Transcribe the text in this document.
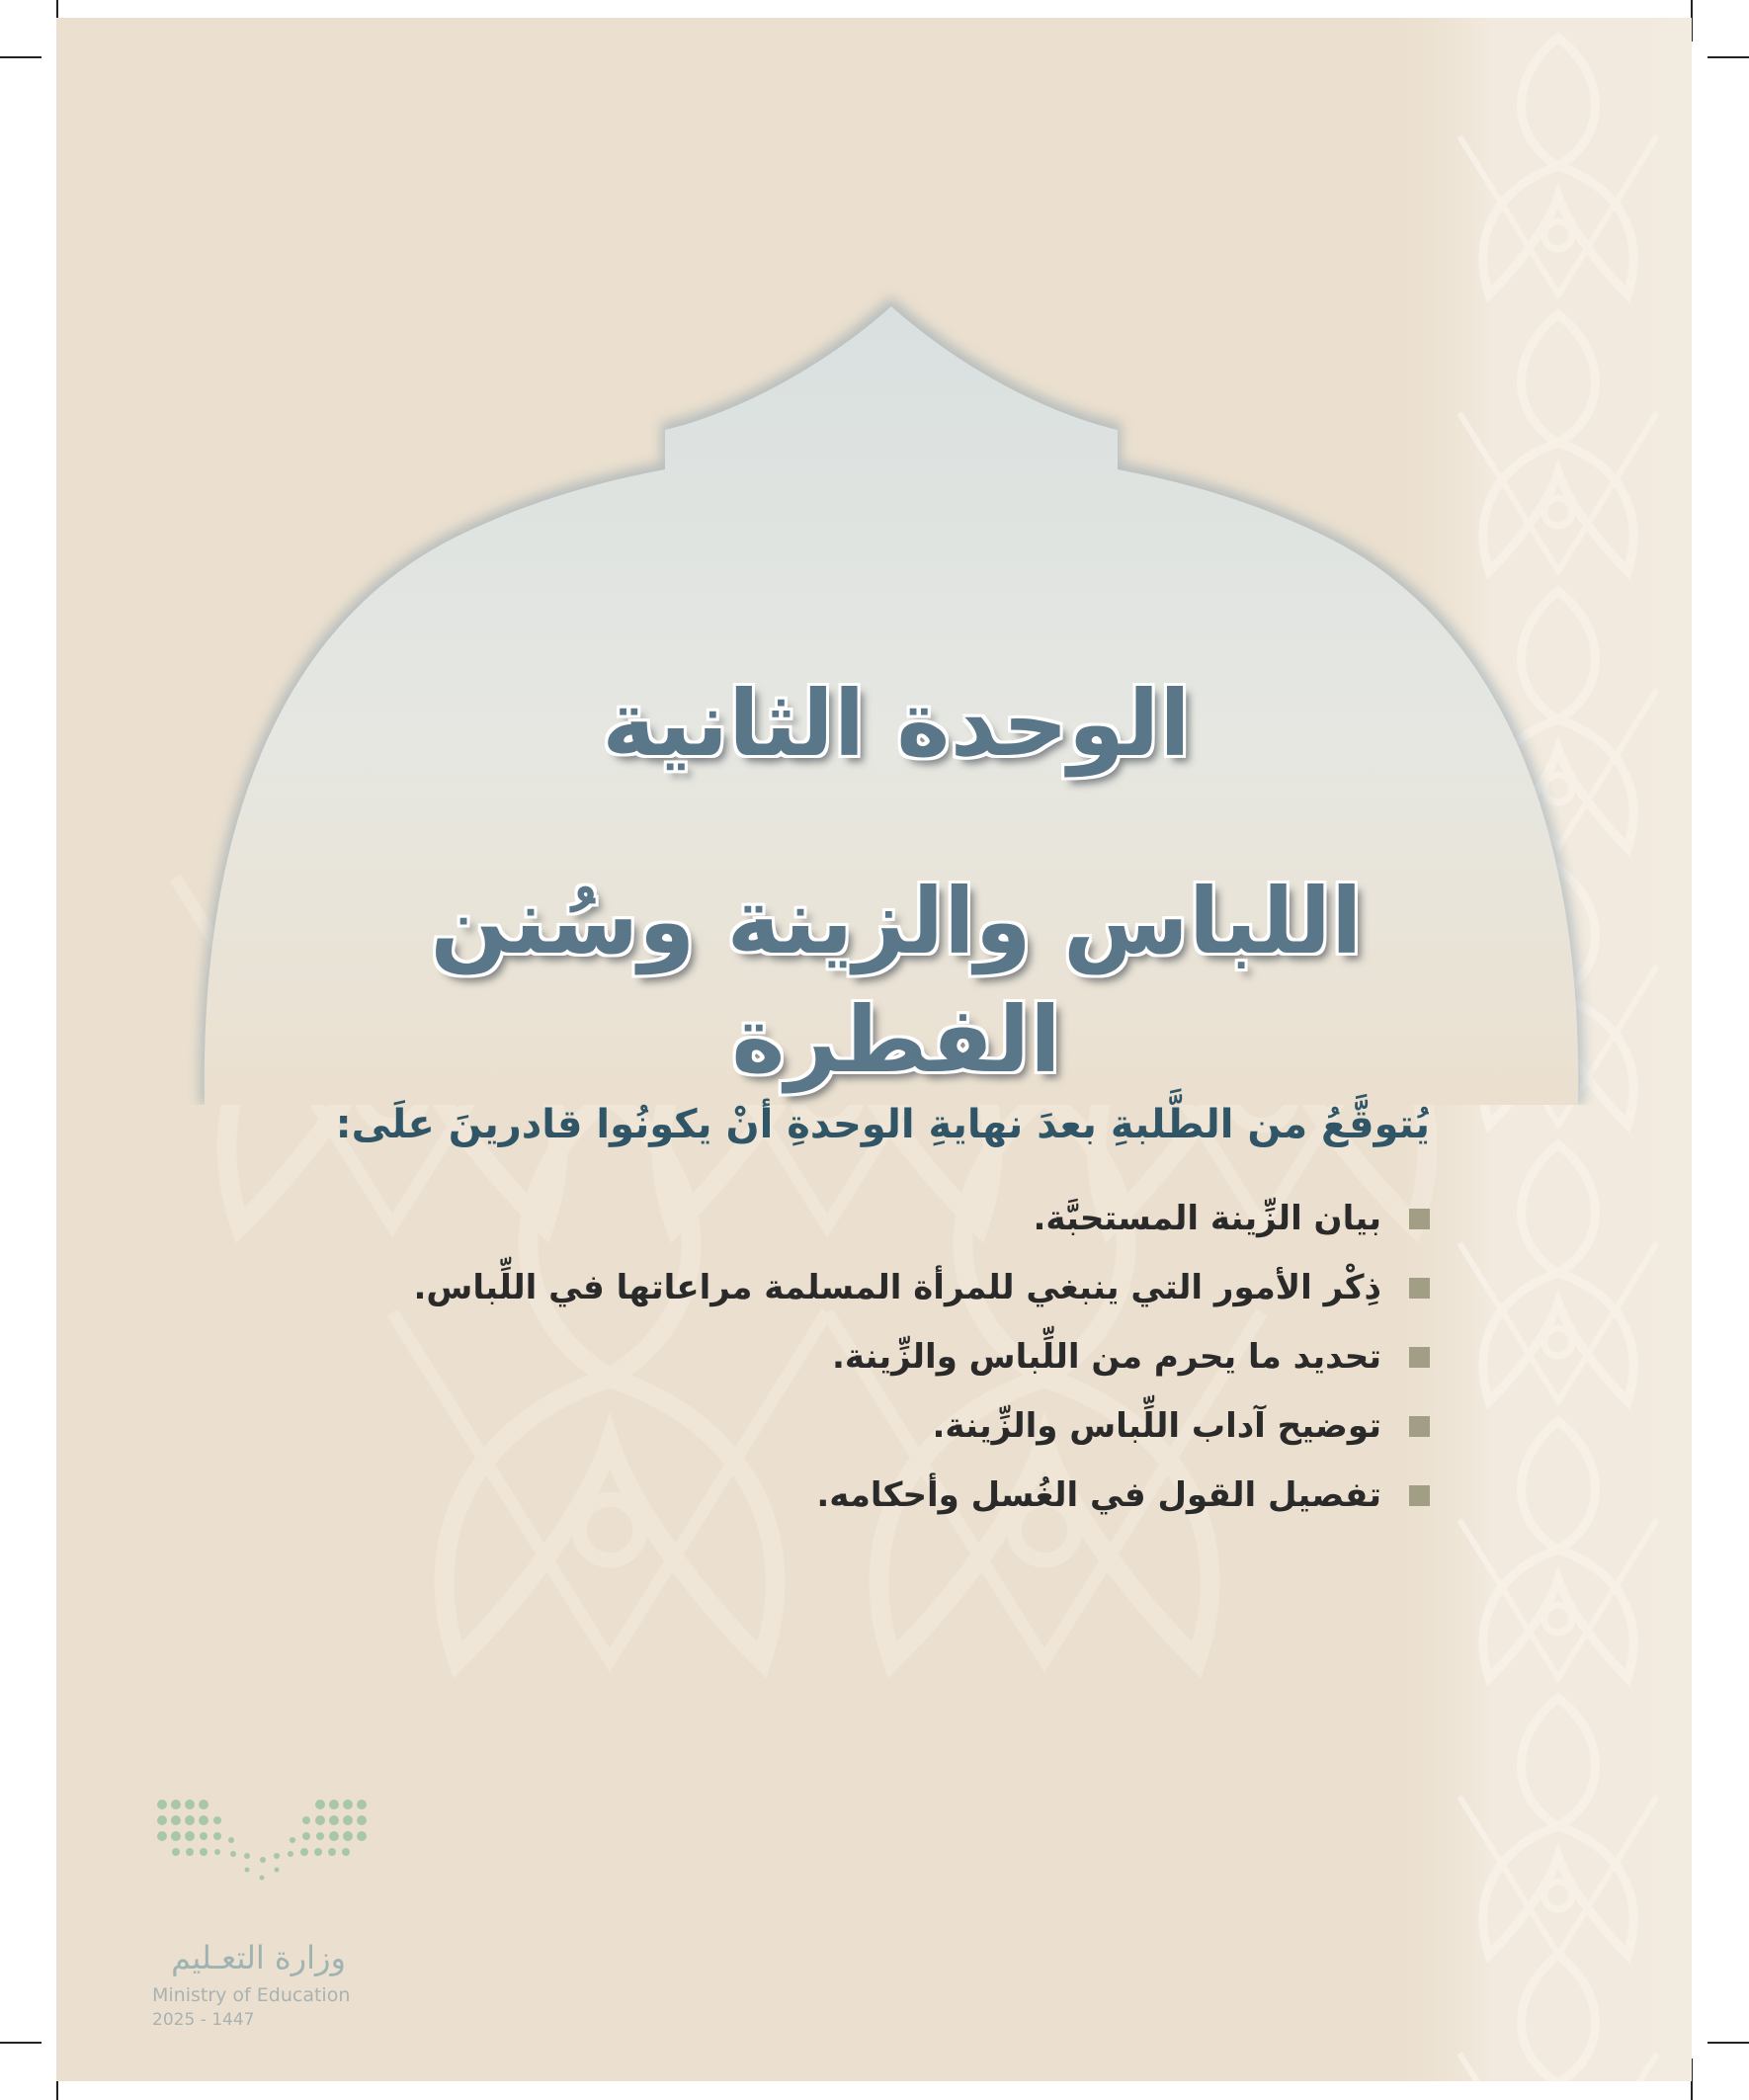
الوحدة الثانية
اللباس والزينة وسُنن الفطرة
يُتوقَّعُ من الطَّلبةِ بعدَ نهايةِ الوحدةِ أنْ يكونُوا قادرينَ علَى:
بيان الزِّينة المستحبَّة.
ذِكْر الأمور التي ينبغي للمرأة المسلمة مراعاتها في اللِّباس.
تحديد ما يحرم من اللِّباس والزِّينة.
توضيح آداب اللِّباس والزِّينة.
تفصيل القول في الغُسل وأحكامه.
وزارة التعـليم
Ministry of Education
2025 - 1447
